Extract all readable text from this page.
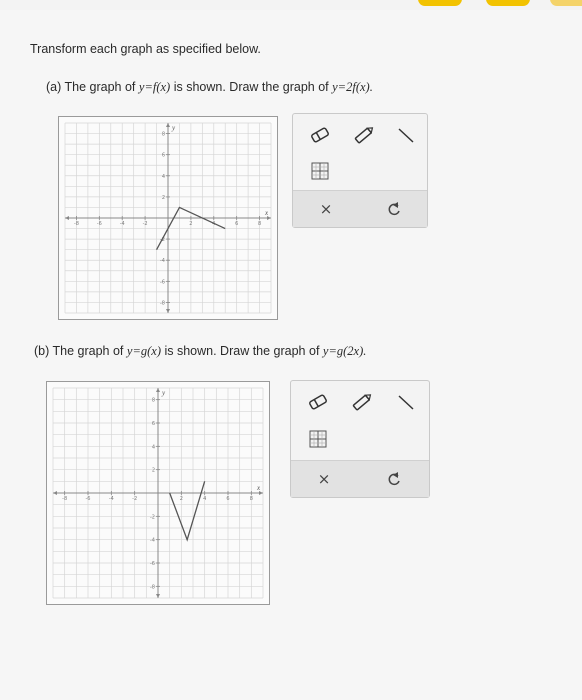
Transform each graph as specified below.
(a) The graph of y=f(x) is shown. Draw the graph of y=2f(x).
-8	-6	-4	-2	2	4	6	8
8
6
4
2
-2
-4
-6
-8
x
y
×
(b) The graph of y=g(x) is shown. Draw the graph of y=g(2x).
-8	-6	-4	-2	2	4	6	8
8
6
4
2
-2
-4
-6
-8
x
y
×
